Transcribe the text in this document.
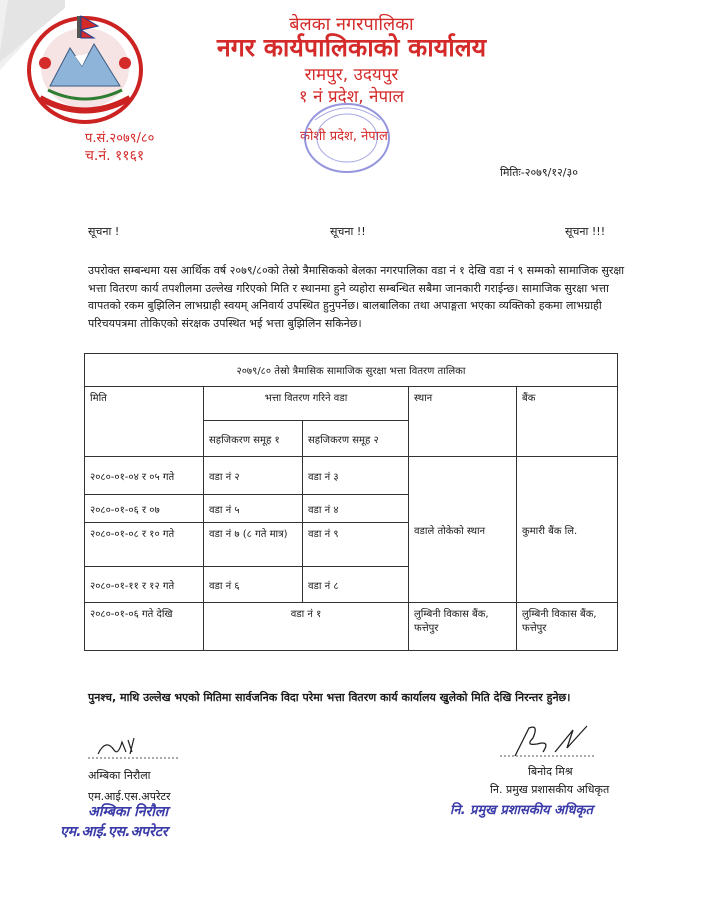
बेलका नगरपालिका
नगर कार्यपालिकाको कार्यालय
रामपुर, उदयपुर
१ नं प्रदेश, नेपाल
कोशी प्रदेश, नेपाल
प.सं.२०७९/८०
च.नं. ११६१
मितिः-२०७९/१२/३०
सूचना !	सूचना !!	सूचना !!!
उपरोक्त सम्बन्धमा यस आर्थिक वर्ष २०७९/८०को तेस्रो त्रैमासिकको बेलका नगरपालिका वडा नं १ देखि वडा नं ९ सम्मको सामाजिक सुरक्षा भत्ता वितरण कार्य तपशीलमा उल्लेख गरिएको मिति र स्थानमा हुने व्यहोरा सम्बन्धित सबैमा जानकारी गराईन्छ। सामाजिक सुरक्षा भत्ता वापतको रकम बुझिलिन लाभग्राही स्वयम् अनिवार्य उपस्थित हुनुपर्नेछ। बालबालिका तथा अपाङ्गता भएका व्यक्तिको हकमा लाभग्राही परिचयपत्रमा तोकिएको संरक्षक उपस्थित भई भत्ता बुझिलिन सकिनेछ।
२०७९/८० तेस्रो त्रैमासिक सामाजिक सुरक्षा भत्ता वितरण तालिका				
मिति	भत्ता वितरण गरिने वडा		स्थान	बैंक
	सहजिकरण समूह १	सहजिकरण समूह २		
२०८०-०१-०४ र ०५ गते	वडा नं २	वडा नं ३	वडाले तोकेको स्थान	कुमारी बैंक लि.
२०८०-०१-०६ र ०७	वडा नं ५	वडा नं ४		
२०८०-०१-०८ र १० गते	वडा नं ७ (८ गते मात्र)	वडा नं ९		
२०८०-०१-११ र १२ गते	वडा नं ६	वडा नं ८		
२०८०-०१-०६ गते देखि	वडा नं १		लुम्बिनी विकास बैंक, फत्तेपुर	लुम्बिनी विकास बैंक, फत्तेपुर
पुनश्च, माथि उल्लेख भएको मितिमा सार्वजनिक विदा परेमा भत्ता वितरण कार्य कार्यालय खुलेको मिति देखि निरन्तर हुनेछ।
अम्बिका निरौला
एम.आई.एस.अपरेटर
अम्बिका निरौला
एम.आई.एस.अपरेटर
बिनोद मिश्र
नि. प्रमुख प्रशासकीय अधिकृत
नि. प्रमुख प्रशासकीय अधिकृत
